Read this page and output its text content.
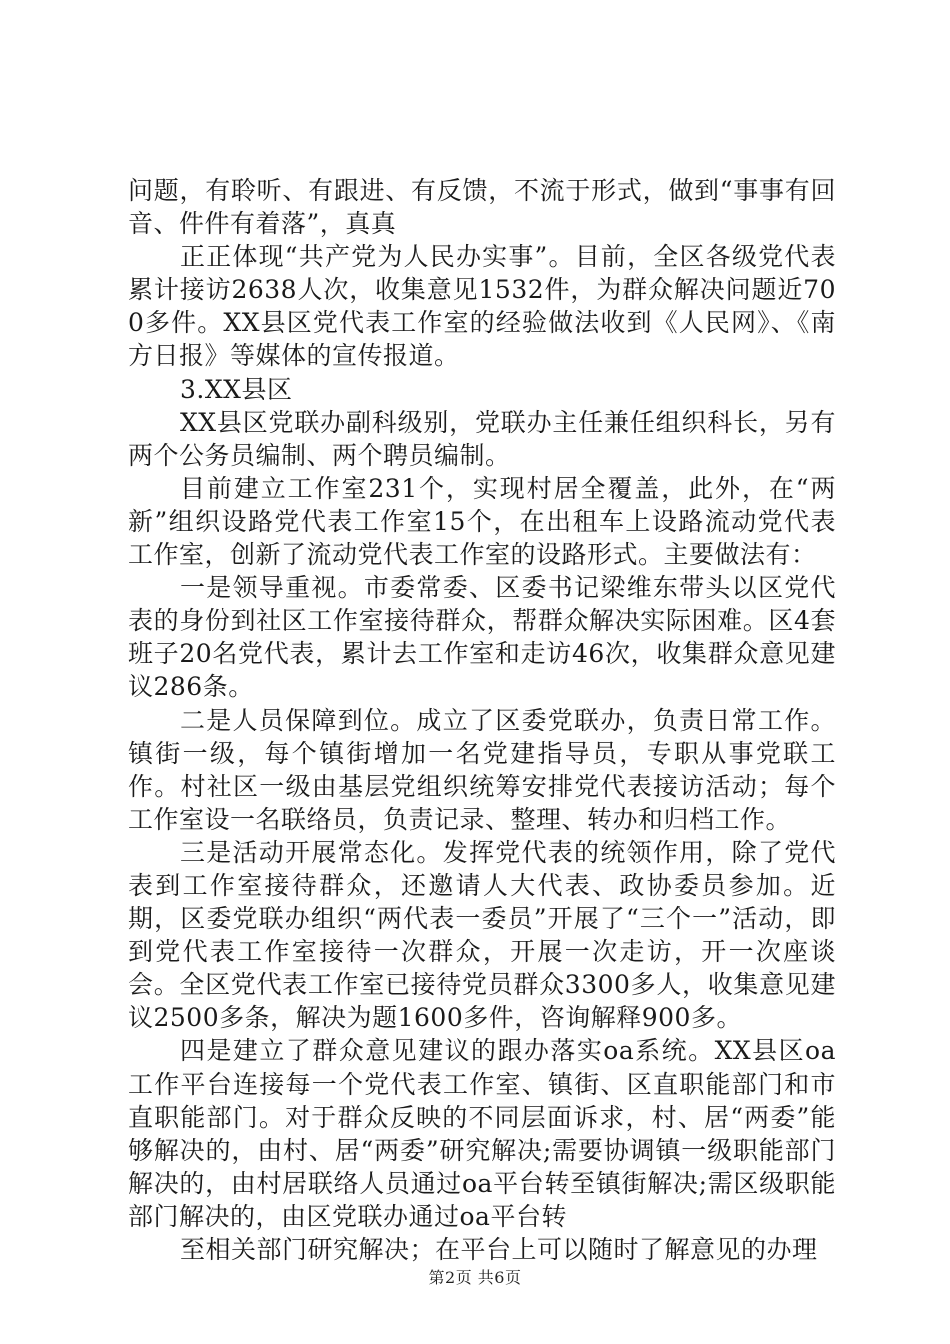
问题，有聆听、有跟进、有反馈，不流于形式，做到“事事有回音、件件有着落”，真真

正正体现“共产党为人民办实事”。目前，全区各级党代表累计接访2638人次，收集意见1532件，为群众解决问题近700多件。XX县区党代表工作室的经验做法收到《人民网》、《南方日报》等媒体的宣传报道。

3.XX县区

XX县区党联办副科级别，党联办主任兼任组织科长，另有两个公务员编制、两个聘员编制。

目前建立工作室231个，实现村居全覆盖，此外，在“两新”组织设路党代表工作室15个，在出租车上设路流动党代表工作室，创新了流动党代表工作室的设路形式。主要做法有：

一是领导重视。市委常委、区委书记梁维东带头以区党代表的身份到社区工作室接待群众，帮群众解决实际困难。区4套班子20名党代表，累计去工作室和走访46次，收集群众意见建议286条。

二是人员保障到位。成立了区委党联办，负责日常工作。镇街一级，每个镇街增加一名党建指导员，专职从事党联工作。村社区一级由基层党组织统筹安排党代表接访活动；每个工作室设一名联络员，负责记录、整理、转办和归档工作。

三是活动开展常态化。发挥党代表的统领作用，除了党代表到工作室接待群众，还邀请人大代表、政协委员参加。近期，区委党联办组织“两代表一委员”开展了“三个一”活动，即到党代表工作室接待一次群众，开展一次走访，开一次座谈会。全区党代表工作室已接待党员群众3300多人，收集意见建议2500多条，解决为题1600多件，咨询解释900多。

四是建立了群众意见建议的跟办落实oa系统。XX县区oa工作平台连接每一个党代表工作室、镇街、区直职能部门和市直职能部门。对于群众反映的不同层面诉求，村、居“两委”能够解决的，由村、居“两委”研究解决;需要协调镇一级职能部门解决的，由村居联络人员通过oa平台转至镇街解决;需区级职能部门解决的，由区党联办通过oa平台转

至相关部门研究解决；在平台上可以随时了解意见的办理

第2页 共6页
